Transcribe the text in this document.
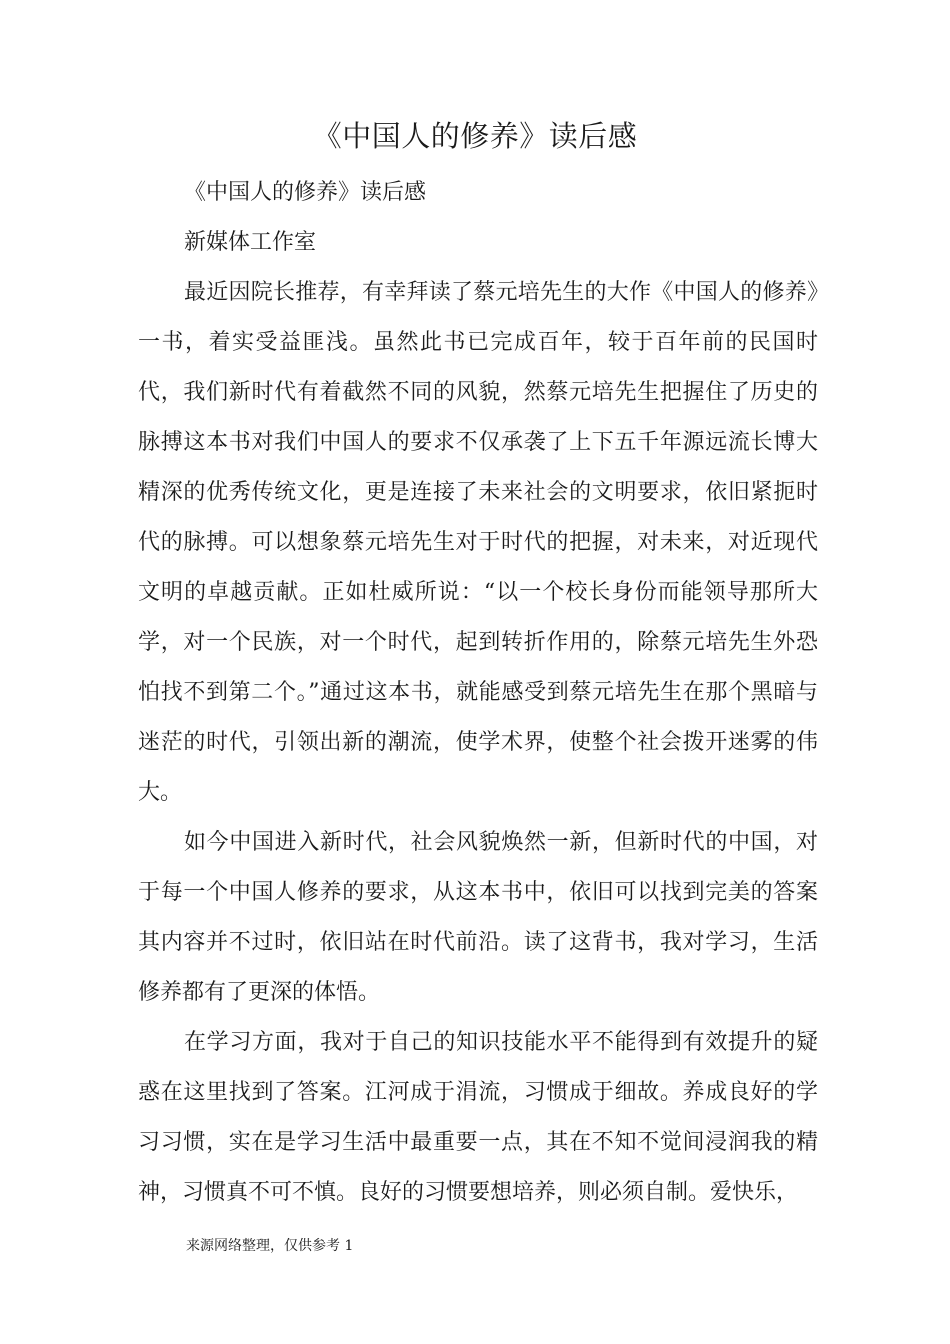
《中国人的修养》读后感

《中国人的修养》读后感

新媒体工作室

最近因院长推荐，有幸拜读了蔡元培先生的大作《中国人的修养》一书，着实受益匪浅。虽然此书已完成百年，较于百年前的民国时代，我们新时代有着截然不同的风貌，然蔡元培先生把握住了历史的脉搏这本书对我们中国人的要求不仅承袭了上下五千年源远流长博大精深的优秀传统文化，更是连接了未来社会的文明要求，依旧紧扼时代的脉搏。可以想象蔡元培先生对于时代的把握，对未来，对近现代文明的卓越贡献。正如杜威所说：“以一个校长身份而能领导那所大学，对一个民族，对一个时代，起到转折作用的，除蔡元培先生外恐怕找不到第二个。”通过这本书，就能感受到蔡元培先生在那个黑暗与迷茫的时代，引领出新的潮流，使学术界，使整个社会拨开迷雾的伟大。

如今中国进入新时代，社会风貌焕然一新，但新时代的中国，对于每一个中国人修养的要求，从这本书中，依旧可以找到完美的答案其内容并不过时，依旧站在时代前沿。读了这背书，我对学习，生活修养都有了更深的体悟。

在学习方面，我对于自己的知识技能水平不能得到有效提升的疑惑在这里找到了答案。江河成于涓流，习惯成于细故。养成良好的学习习惯，实在是学习生活中最重要一点，其在不知不觉间浸润我的精神，习惯真不可不慎。良好的习惯要想培养，则必须自制。爱快乐，

来源网络整理，仅供参考 1
